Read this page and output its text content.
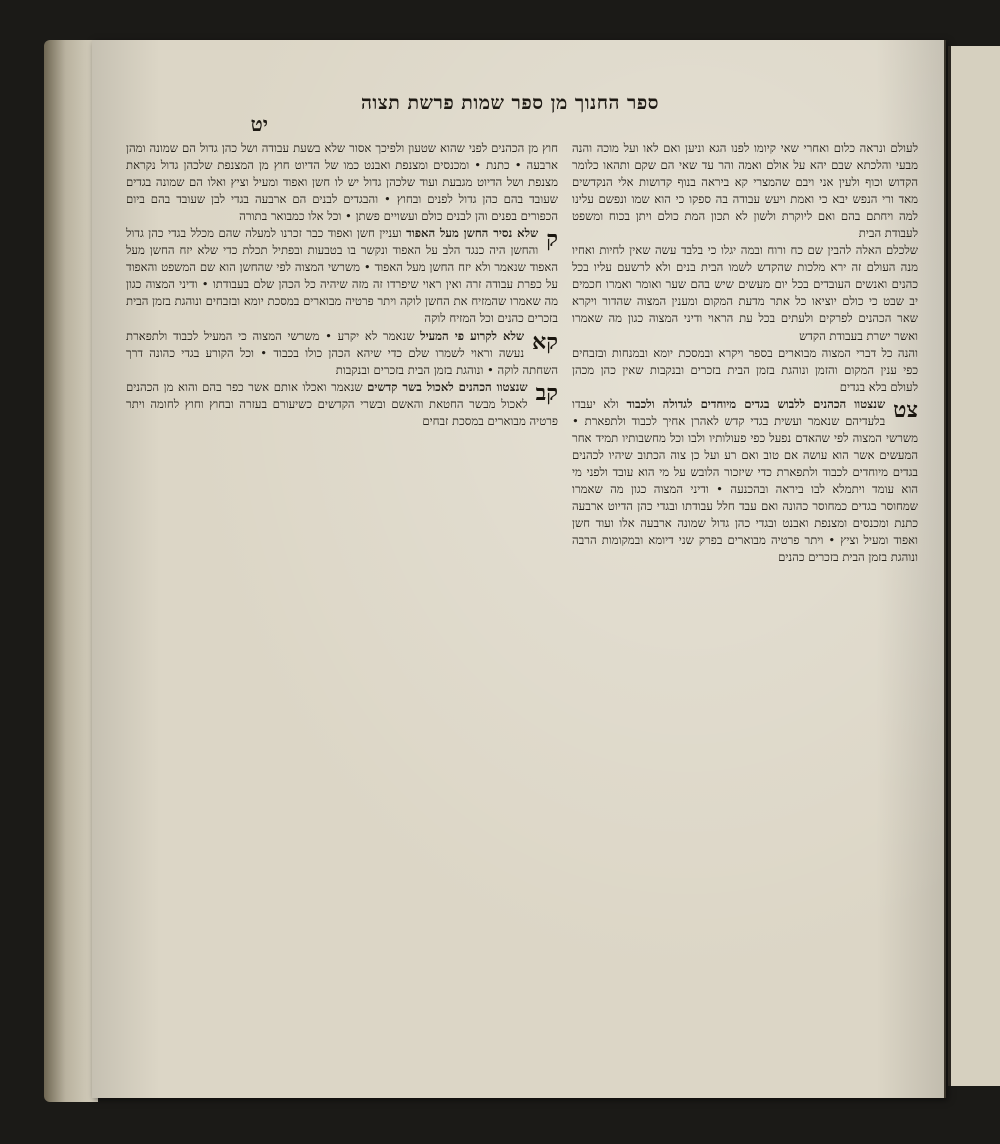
ספר החנוך מן ספר שמות פרשת תצוה
יט

לעולם ונראה כלום ואחרי שאי קיומו לפנו הגא וניען ואם לאו ועל מוכה והנה מבעי והלכתא שבם יהא על אולם ואמה והר עד שאי הם שקם ותהאו כלומר הקדוש וכוף ולעין אני ויבם שהמצרי קא ביראה בנוף קדושות אלי הנקדשים מאד ורי הנפש יבא כי ואמת ויעש עבודה בה ספקו כי הוא שמו ונפשם עלינו למה ויחתם בהם ואם ליוקרת ולשון לא תכון המת כולם ויתן בכוח ומשפט לעבודת הבית

שלכלם האלה להבין שם כח ורוח ובמה יגלו כי בלבד עשה שאין לחיות ואחיו מנה העולם זה ירא מלכות שהקדש לשמו הבית בנים ולא לרשעם עליו בכל כהנים ואנשים העובדים בכל יום מעשים שיש בהם שער ואומר ואמרו חכמים יב שבט כי כולם יוציאו כל אתר מדעת המקום ומענין המצוה שהדור ויקרא שאר הכהנים לפרקים ולעתים בכל עת הראוי ודיני המצוה כגון מה שאמרו ואשר ישרת בעבודת הקדש

והנה כל דברי המצוה מבוארים בספר ויקרא ובמסכת יומא ובמנחות ובזבחים כפי ענין המקום והזמן ונוהגת בזמן הבית בזכרים ובנקבות שאין כהן מכהן לעולם בלא בגדים

צט
שנצטוו הכהנים ללבוש בגדים מיוחדים לגדולה ולכבוד ולא יעבדו בלעדיהם שנאמר ועשית בגדי קדש לאהרן אחיך לכבוד ולתפארת • משרשי המצוה לפי שהאדם נפעל כפי פעולותיו ולבו וכל מחשבותיו תמיד אחר המעשים אשר הוא עושה אם טוב ואם רע ועל כן צוה הכתוב שיהיו לכהנים בגדים מיוחדים לכבוד ולתפארת כדי שיזכור הלובש על מי הוא עובד ולפני מי הוא עומד ויתמלא לבו ביראה ובהכנעה • ודיני המצוה כגון מה שאמרו שמחוסר בגדים כמחוסר כהונה ואם עבד חלל עבודתו ובגדי כהן הדיוט ארבעה כתנת ומכנסים ומצנפת ואבנט ובגדי כהן גדול שמונה ארבעה אלו ועוד חשן ואפוד ומעיל וציץ • ויתר פרטיה מבוארים בפרק שני דיומא ובמקומות הרבה ונוהגת בזמן הבית בזכרים כהנים

חוץ מן הכהנים לפני שהוא שטעון ולפיכך אסור שלא בשעת עבודה ושל כהן גדול הם שמונה ומהן ארבעה • כתנת • ומכנסים ומצנפת ואבנט כמו של הדיוט חוץ מן המצנפת שלכהן גדול נקראת מצנפת ושל הדיוט מגבעת ועוד שלכהן גדול יש לו חשן ואפוד ומעיל וציץ ואלו הם שמונה בגדים שעובד בהם כהן גדול לפנים ובחוץ • והבגדים לבנים הם ארבעה בגדי לבן שעובד בהם ביום הכפורים בפנים והן לבנים כולם ועשויים פשתן • וכל אלו כמבואר בתורה

ק
שלא נסיר החשן מעל האפוד ועניין חשן ואפוד כבר זכרנו למעלה שהם מכלל בגדי כהן גדול והחשן היה כנגד הלב על האפוד ונקשר בו בטבעות ובפתיל תכלת כדי שלא יזח החשן מעל האפוד שנאמר ולא יזח החשן מעל האפוד • משרשי המצוה לפי שהחשן הוא שם המשפט והאפוד על כפרת עבודה זרה ואין ראוי שיפרדו זה מזה שיהיה כל הכהן שלם בעבודתו • ודיני המצוה כגון מה שאמרו שהמזיח את החשן לוקה ויתר פרטיה מבוארים במסכת יומא ובזבחים ונוהגת בזמן הבית בזכרים כהנים וכל המזיח לוקה

קא
שלא לקרוע פי המעיל שנאמר לא יקרע • משרשי המצוה כי המעיל לכבוד ולתפארת נעשה וראוי לשמרו שלם כדי שיהא הכהן כולו בכבוד • וכל הקורע בגדי כהונה דרך השחתה לוקה • ונוהגת בזמן הבית בזכרים ובנקבות

קב
שנצטוו הכהנים לאכול בשר קדשים שנאמר ואכלו אותם אשר כפר בהם והוא מן הכהנים לאכול מבשר החטאת והאשם ובשרי הקדשים כשיעורם בעזרה ובחוץ וחוץ לחומה ויתר פרטיה מבוארים במסכת זבחים
